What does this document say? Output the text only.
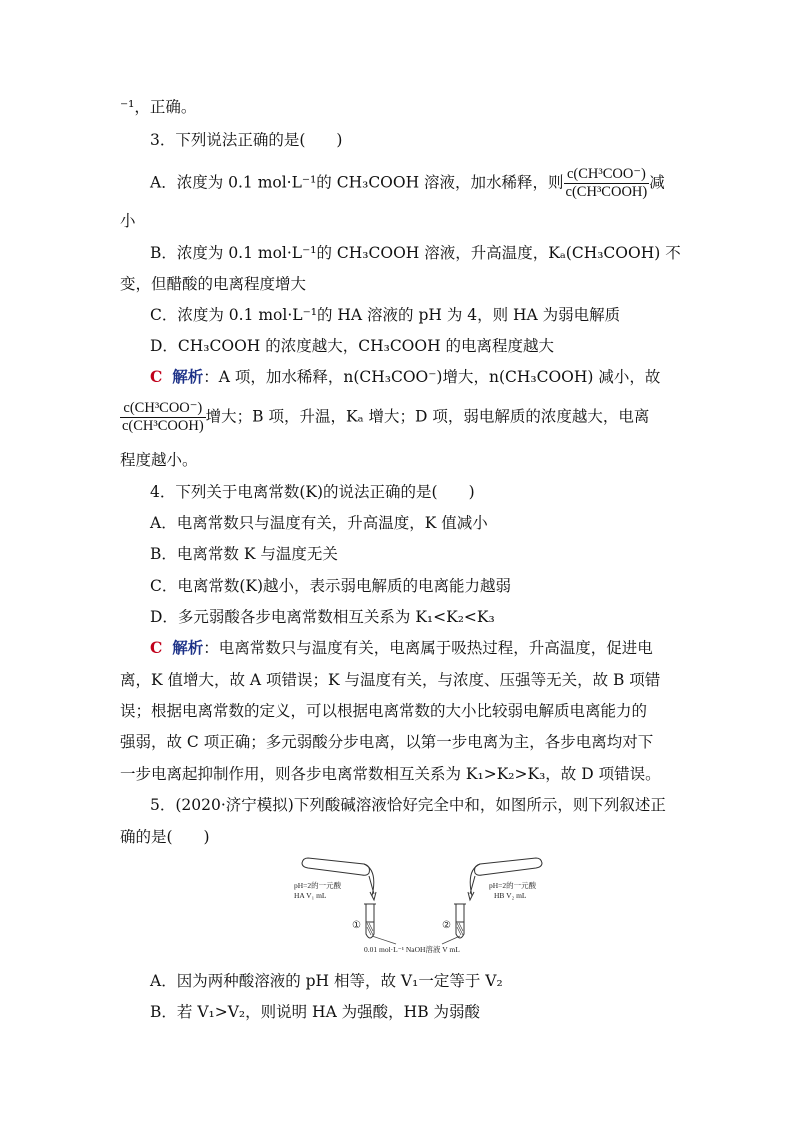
⁻¹，正确。
3．下列说法正确的是(　　)
A．浓度为 0.1 mol·L⁻¹的 CH₃COOH 溶液，加水稀释，则 $\frac{\text{c(CH³COO⁻)}}{\text{c(CH³COOH)}}$ 减
小
B．浓度为 0.1 mol·L⁻¹的 CH₃COOH 溶液，升高温度，Kₐ(CH₃COOH) 不
变，但醋酸的电离程度增大
C．浓度为 0.1 mol·L⁻¹的 HA 溶液的 pH 为 4，则 HA 为弱电解质
D．CH₃COOH 的浓度越大，CH₃COOH 的电离程度越大
C 解析：A 项，加水稀释，n(CH₃COO⁻)增大，n(CH₃COOH) 减小，故
$\frac{\text{c(CH³COO⁻)}}{\text{c(CH³COOH)}}$ 增大；B 项，升温，Kₐ 增大；D 项，弱电解质的浓度越大，电离
程度越小。
4．下列关于电离常数(K)的说法正确的是(　　)
A．电离常数只与温度有关，升高温度，K 值减小
B．电离常数 K 与温度无关
C．电离常数(K)越小，表示弱电解质的电离能力越弱
D．多元弱酸各步电离常数相互关系为 K₁<K₂<K₃
C 解析：电离常数只与温度有关，电离属于吸热过程，升高温度，促进电
离，K 值增大，故 A 项错误；K 与温度有关，与浓度、压强等无关，故 B 项错
误；根据电离常数的定义，可以根据电离常数的大小比较弱电解质电离能力的
强弱，故 C 项正确；多元弱酸分步电离，以第一步电离为主，各步电离均对下
一步电离起抑制作用，则各步电离常数相互关系为 K₁>K₂>K₃，故 D 项错误。
5．(2020·济宁模拟)下列酸碱溶液恰好完全中和，如图所示，则下列叙述正
确的是(　　)
pH=2的一元酸
HA V₁ mL
①
pH=2的一元酸
HB V₂ mL
②
0.01 mol·L⁻¹ NaOH溶液 V mL
A．因为两种酸溶液的 pH 相等，故 V₁一定等于 V₂
B．若 V₁>V₂，则说明 HA 为强酸，HB 为弱酸
